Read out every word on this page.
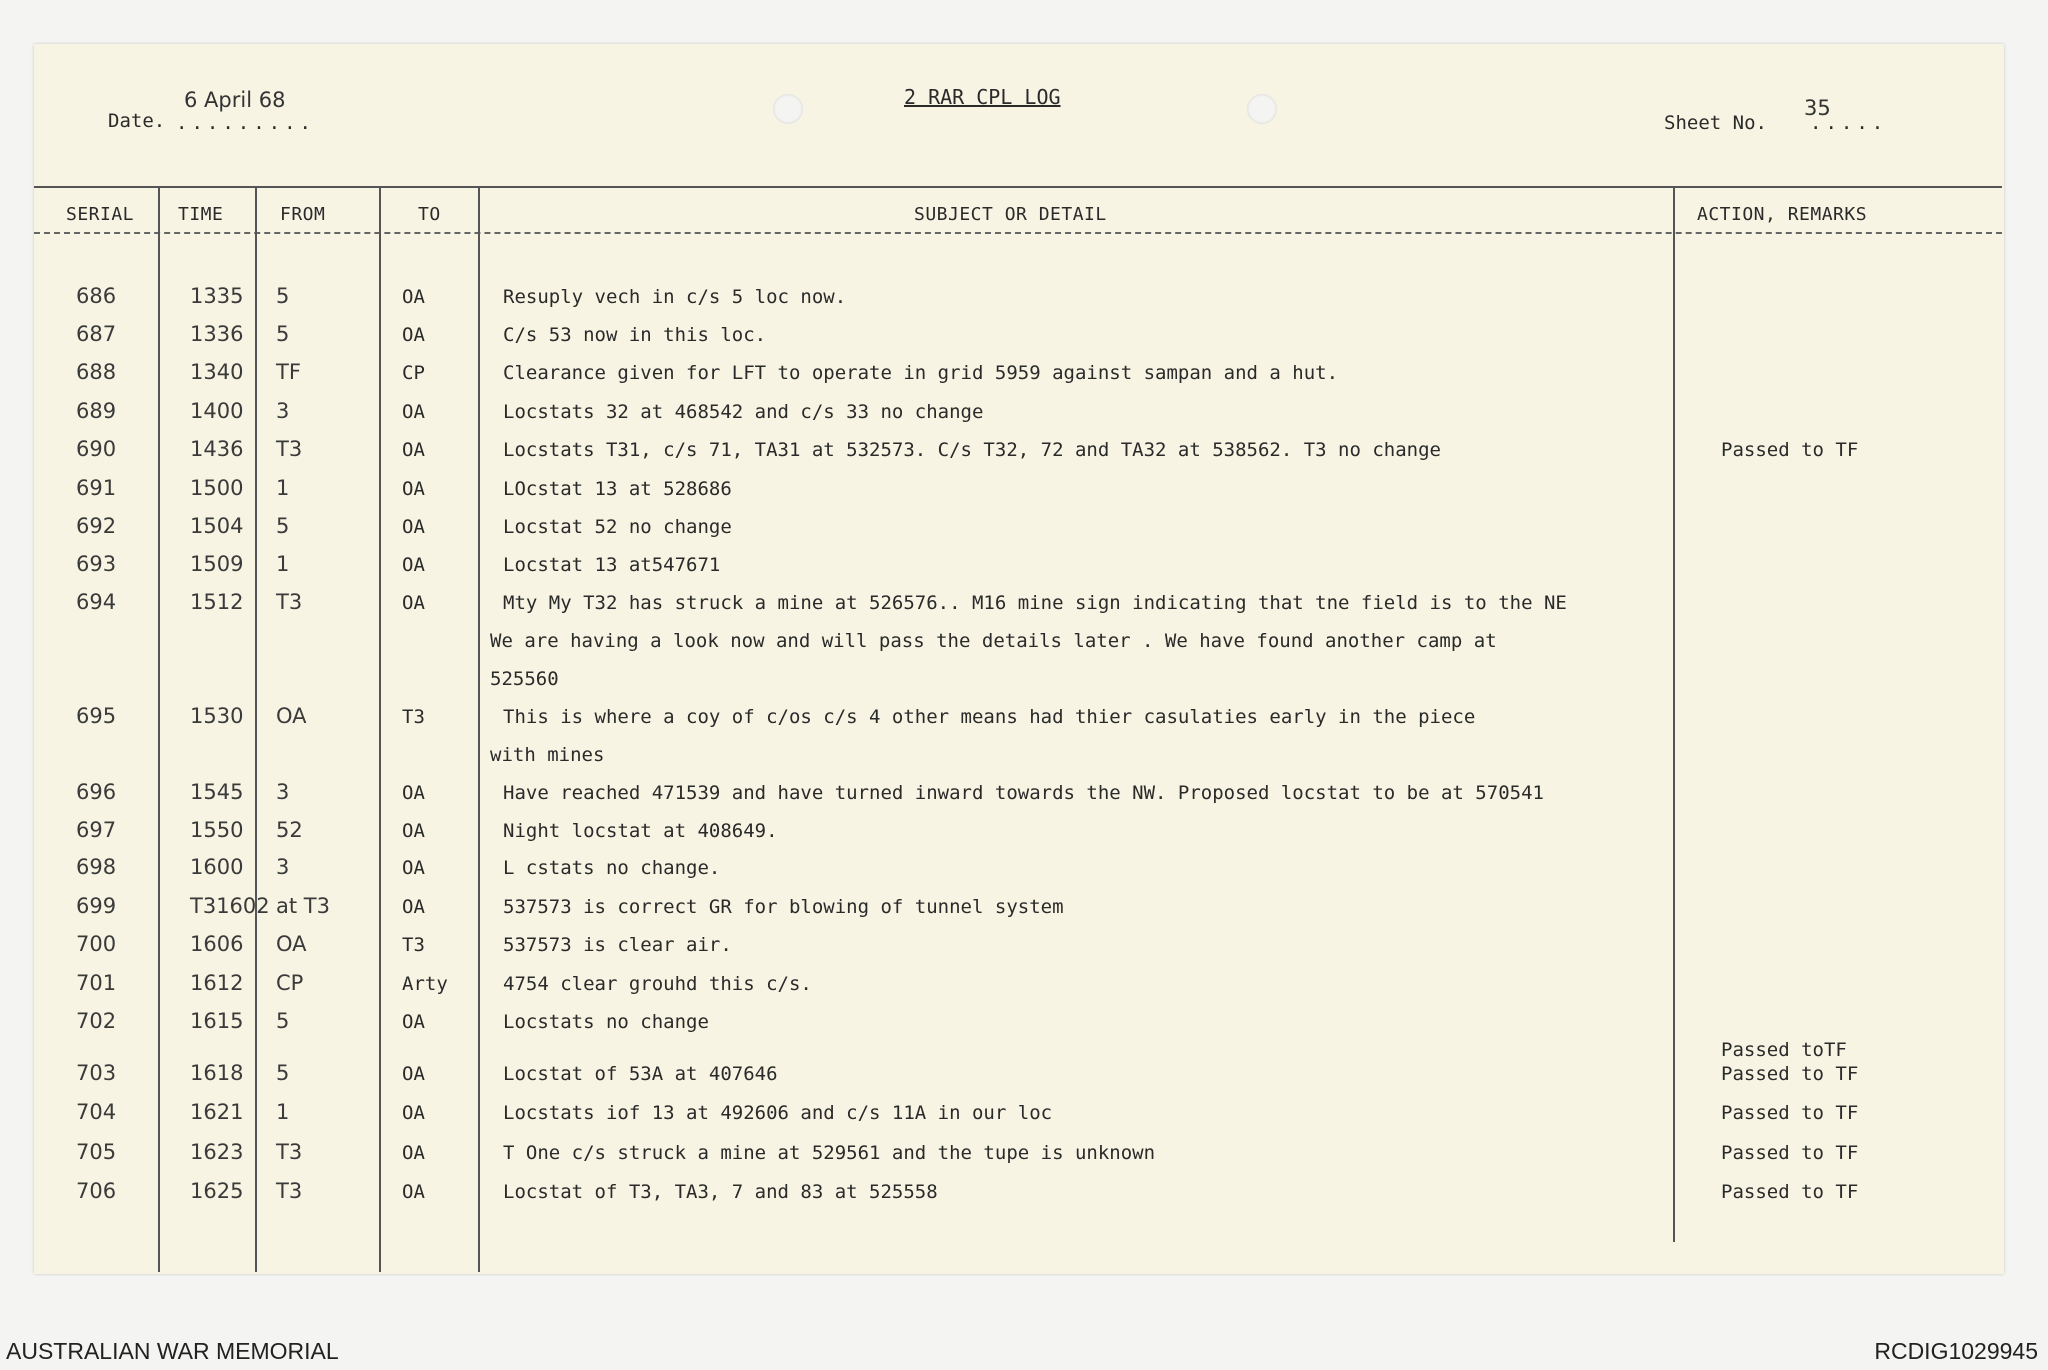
2 RAR CPL LOG
Date.
6 April 68
.........	Sheet No.
35
.....
SERIAL TIME	FROM	TO	SUBJECT OR DETAIL	ACTION, REMARKS
686	1335 5	OA	Resuply vech in c/s 5 loc now.
687	1336 5	OA	C/s 53 now in this loc.
688	1340 TF	CP	Clearance given for LFT to operate in grid 5959 against sampan and a hut.
689	1400 3	OA	Locstats 32 at 468542 and c/s 33 no change
690	1436 T3	OA	Locstats T31, c/s 71, TA31 at 532573. C/s T32, 72 and TA32 at 538562. T3 no change	Passed to TF
691	1500 1	OA	LOcstat 13 at 528686
692	1504 5	OA	Locstat 52 no change
693	1509 1	OA	Locstat 13 at547671
694	1512 T3	OA	Mty My T32 has struck a mine at 526576.. M16 mine sign indicating that tne field is to the NE
We are having a look now and will pass the details later . We have found another camp at
525560
695	1530 OA	T3	This is where a coy of c/os c/s 4 other means had thier casulaties early in the piece
with mines
696	1545 3	OA	Have reached 471539 and have turned inward towards the NW. Proposed locstat to be at 570541
697	1550 52	OA	Night locstat at 408649.
698	1600 3	OA	L cstats no change.
699	T31602 at T3	OA	537573 is correct GR for blowing of tunnel system
700	1606 OA	T3	537573 is clear air.
701	1612 CP	Arty	4754 clear grouhd this c/s.
702	1615 5	OA	Locstats no change
Passed toTF
703	1618 5	OA	Locstat of 53A at 407646	Passed to TF
704	1621 1	OA	Locstats iof 13 at 492606 and c/s 11A in our loc	Passed to TF
705	1623 T3	OA	T One c/s struck a mine at 529561 and the tupe is unknown	Passed to TF
706	1625 T3	OA	Locstat of T3, TA3, 7 and 83 at 525558	Passed to TF
AUSTRALIAN WAR MEMORIAL	RCDIG1029945
